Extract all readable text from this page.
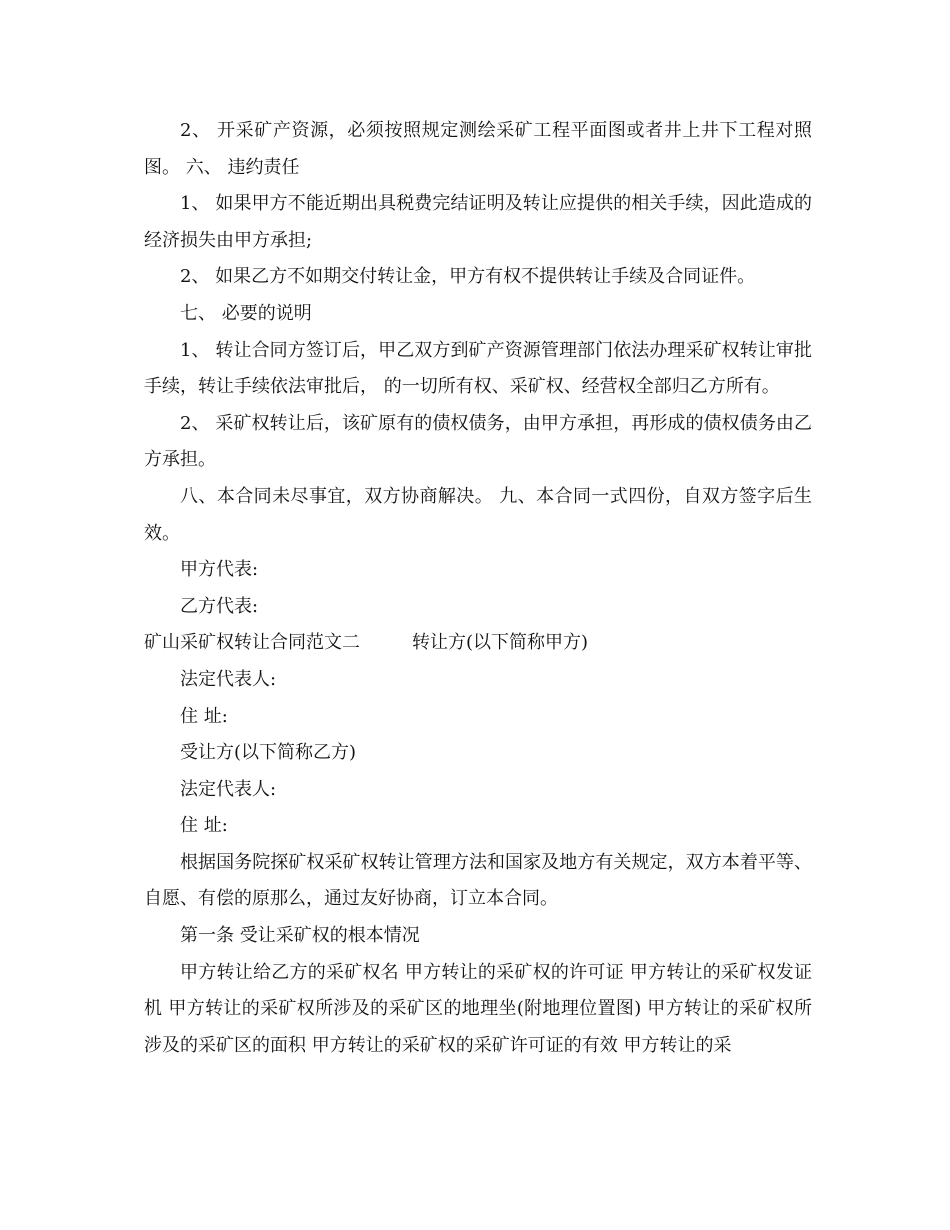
2、 开采矿产资源，必须按照规定测绘采矿工程平面图或者井上井下工程对照图。 六、 违约责任

1、 如果甲方不能近期出具税费完结证明及转让应提供的相关手续，因此造成的经济损失由甲方承担;

2、 如果乙方不如期交付转让金，甲方有权不提供转让手续及合同证件。

七、 必要的说明

1、 转让合同方签订后，甲乙双方到矿产资源管理部门依法办理采矿权转让审批手续，转让手续依法审批后， 的一切所有权、采矿权、经营权全部归乙方所有。

2、 采矿权转让后，该矿原有的债权债务，由甲方承担，再形成的债权债务由乙方承担。

八、本合同未尽事宜，双方协商解决。 九、本合同一式四份，自双方签字后生效。

甲方代表:

乙方代表:

矿山采矿权转让合同范文二	转让方(以下简称甲方)

法定代表人:

住 址:

受让方(以下简称乙方)

法定代表人:

住 址:

根据国务院探矿权采矿权转让管理方法和国家及地方有关规定，双方本着平等、自愿、有偿的原那么，通过友好协商，订立本合同。

第一条 受让采矿权的根本情况

甲方转让给乙方的采矿权名 甲方转让的采矿权的许可证 甲方转让的采矿权发证机 甲方转让的采矿权所涉及的采矿区的地理坐(附地理位置图) 甲方转让的采矿权所涉及的采矿区的面积 甲方转让的采矿权的采矿许可证的有效 甲方转让的采
